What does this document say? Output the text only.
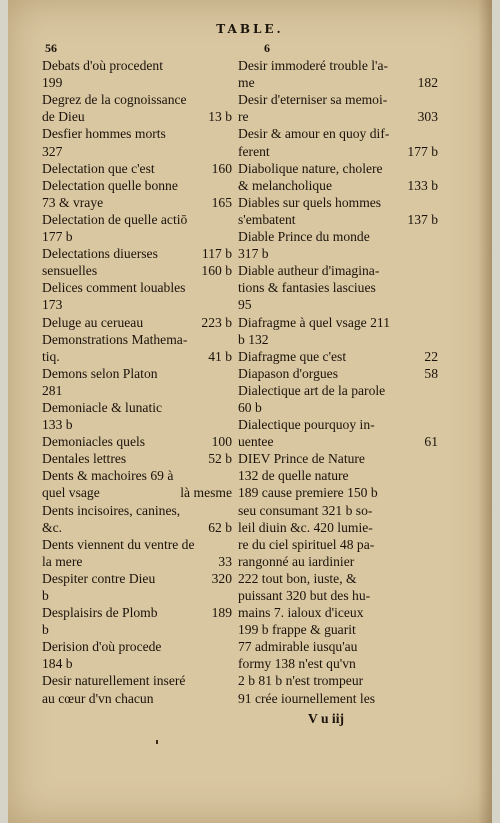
TABLE.
56
Debats d'où procedent
199
Degrez de la cognoissance
de Dieu	13 b
Desfier hommes morts
327
Delectation que c'est	160
Delectation quelle bonne
73 & vraye	165
Delectation de quelle actiō
177 b
Delectations diuerses	117 b
sensuelles	160 b
Delices comment louables
173
Deluge au cerueau	223 b
Demonstrations Mathema-
tiq.	41 b
Demons selon Platon
281
Demoniacle & lunatic
133 b
Demoniacles quels	100
Dentales lettres	52 b
Dents & machoires 69 à
quel vsage	là mesme
Dents incisoires, canines,
&c.	62 b
Dents viennent du ventre de
la mere	33
Despiter contre Dieu	320
b
Desplaisirs de Plomb	189
b
Derision d'où procede
184 b
Desir naturellement inseré
au cœur d'vn chacun
6
Desir immoderé trouble l'a-
me	182
Desir d'eterniser sa memoi-
re	303
Desir & amour en quoy dif-
ferent	177 b
Diabolique nature, cholere
& melancholique	133 b
Diables sur quels hommes
s'embatent	137 b
Diable Prince du monde
317 b
Diable autheur d'imagina-
tions & fantasies lasciues
95
Diafragme à quel vsage 211
b 132
Diafragme que c'est	22
Diapason d'orgues	58
Dialectique art de la parole
60 b
Dialectique pourquoy in-
uentee	61
DIEV Prince de Nature
132 de quelle nature
189 cause premiere 150 b
seu consumant 321 b so-
leil diuin &c. 420 lumie-
re du ciel spirituel 48 pa-
rangonné au iardinier
222 tout bon, iuste, &
puissant 320 but des hu-
mains 7. ialoux d'iceux
199 b frappe & guarit
77 admirable iusqu'au
formy 138 n'est qu'vn
2 b 81 b n'est trompeur
91 crée iournellement les
V u iij
